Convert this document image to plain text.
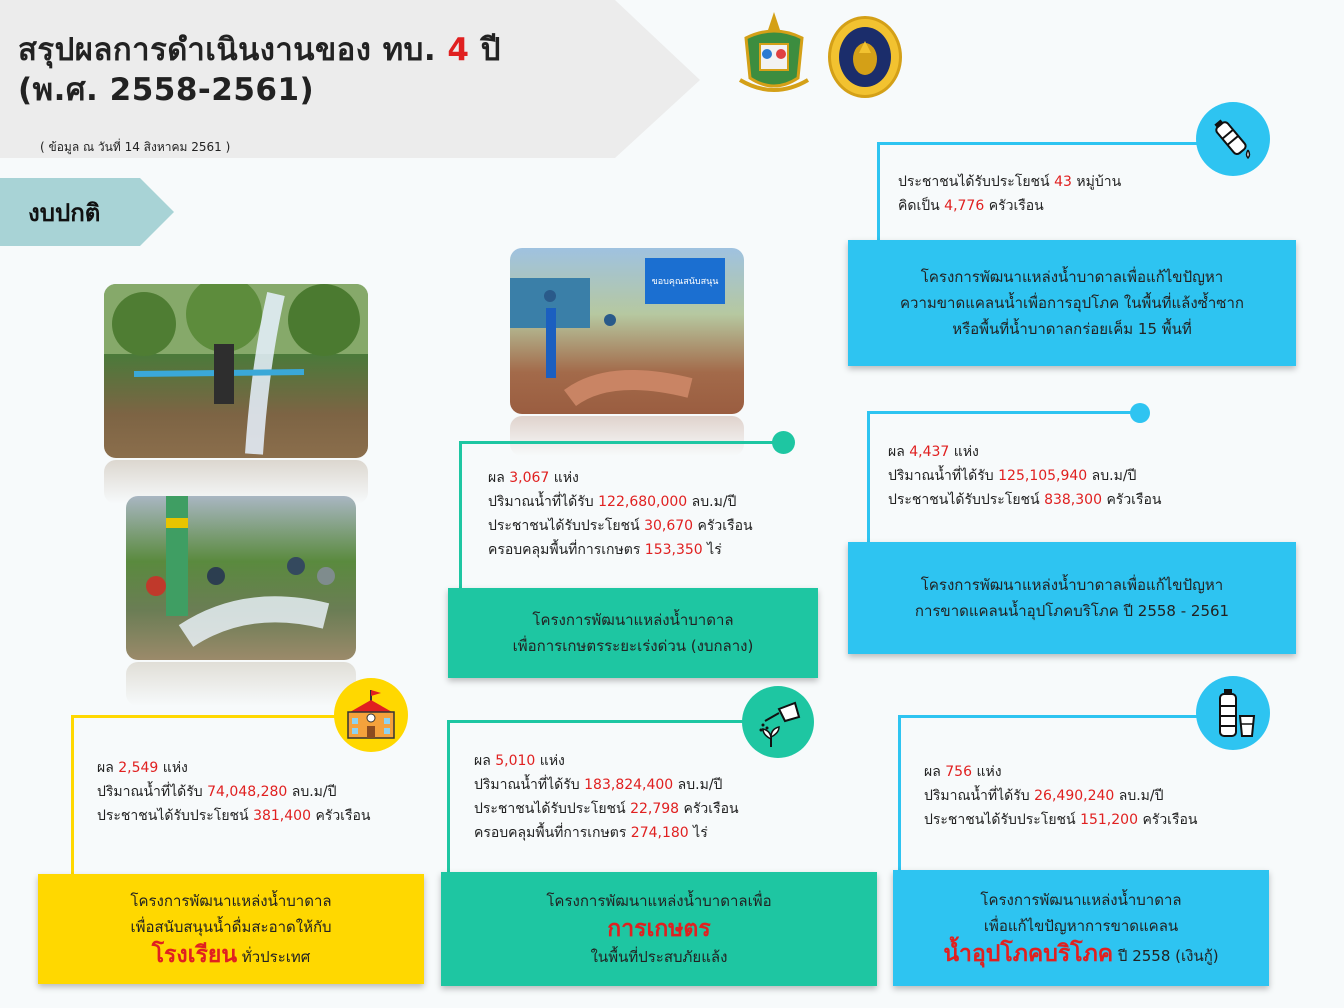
สรุปผลการดำเนินงานของ ทบ. 4 ปี
(พ.ศ. 2558-2561)
( ข้อมูล ณ วันที่ 14 สิงหาคม 2561 )
งบปกติ
ขอบคุณสนับสนุน
ประชาชนได้รับประโยชน์ 43 หมู่บ้าน
คิดเป็น 4,776 ครัวเรือน
โครงการพัฒนาแหล่งน้ำบาดาลเพื่อแก้ไขปัญหา
ความขาดแคลนน้ำเพื่อการอุปโภค ในพื้นที่แล้งซ้ำซาก
หรือพื้นที่น้ำบาดาลกร่อยเค็ม 15 พื้นที่
ผล 3,067 แห่ง
ปริมาณน้ำที่ได้รับ 122,680,000 ลบ.ม/ปี
ประชาชนได้รับประโยชน์ 30,670 ครัวเรือน
ครอบคลุมพื้นที่การเกษตร 153,350 ไร่
โครงการพัฒนาแหล่งน้ำบาดาล
เพื่อการเกษตรระยะเร่งด่วน (งบกลาง)
ผล 4,437 แห่ง
ปริมาณน้ำที่ได้รับ 125,105,940 ลบ.ม/ปี
ประชาชนได้รับประโยชน์ 838,300 ครัวเรือน
โครงการพัฒนาแหล่งน้ำบาดาลเพื่อแก้ไขปัญหา
การขาดแคลนน้ำอุปโภคบริโภค ปี 2558 - 2561
ผล 2,549 แห่ง
ปริมาณน้ำที่ได้รับ 74,048,280 ลบ.ม/ปี
ประชาชนได้รับประโยชน์ 381,400 ครัวเรือน
โครงการพัฒนาแหล่งน้ำบาดาล
เพื่อสนับสนุนน้ำดื่มสะอาดให้กับ
โรงเรียน ทั่วประเทศ
ผล 5,010 แห่ง
ปริมาณน้ำที่ได้รับ 183,824,400 ลบ.ม/ปี
ประชาชนได้รับประโยชน์ 22,798 ครัวเรือน
ครอบคลุมพื้นที่การเกษตร 274,180 ไร่
โครงการพัฒนาแหล่งน้ำบาดาลเพื่อ
การเกษตร
ในพื้นที่ประสบภัยแล้ง
ผล 756 แห่ง
ปริมาณน้ำที่ได้รับ 26,490,240 ลบ.ม/ปี
ประชาชนได้รับประโยชน์ 151,200 ครัวเรือน
โครงการพัฒนาแหล่งน้ำบาดาล
เพื่อแก้ไขปัญหาการขาดแคลน
น้ำอุปโภคบริโภค ปี 2558 (เงินกู้)
